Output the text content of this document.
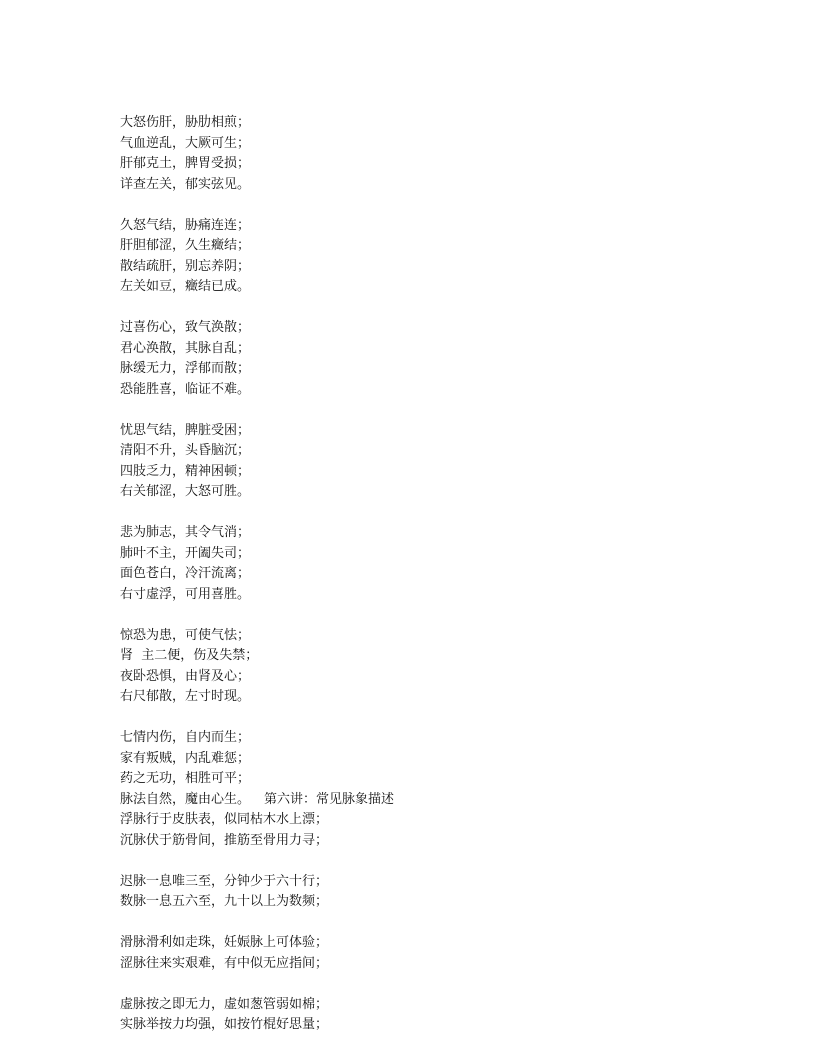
大怒伤肝，胁肋相煎；
气血逆乱，大厥可生；
肝郁克土，脾胃受损；
详查左关，郁实弦见。
久怒气结，胁痛连连；
肝胆郁涩，久生癥结；
散结疏肝，别忘养阴；
左关如豆，癥结已成。
过喜伤心，致气涣散；
君心涣散，其脉自乱；
脉缓无力，浮郁而散；
恐能胜喜，临证不难。
忧思气结，脾脏受困；
清阳不升，头昏脑沉；
四肢乏力，精神困顿；
右关郁涩，大怒可胜。
悲为肺志，其令气消；
肺叶不主，开阖失司；
面色苍白，冷汗流离；
右寸虚浮，可用喜胜。
惊恐为患，可使气怯；
肾  主二便，伤及失禁；
夜卧恐惧，由肾及心；
右尺郁散，左寸时现。
七情内伤，自内而生；
家有叛贼，内乱难惩；
药之无功，相胜可平；
脉法自然，魔由心生。 第六讲：常见脉象描述
浮脉行于皮肤表，似同枯木水上漂；
沉脉伏于筋骨间，推筋至骨用力寻；
迟脉一息唯三至，分钟少于六十行；
数脉一息五六至，九十以上为数频；
滑脉滑利如走珠，妊娠脉上可体验；
涩脉往来实艰难，有中似无应指间；
虚脉按之即无力，虚如葱管弱如棉；
实脉举按力均强，如按竹棍好思量；
